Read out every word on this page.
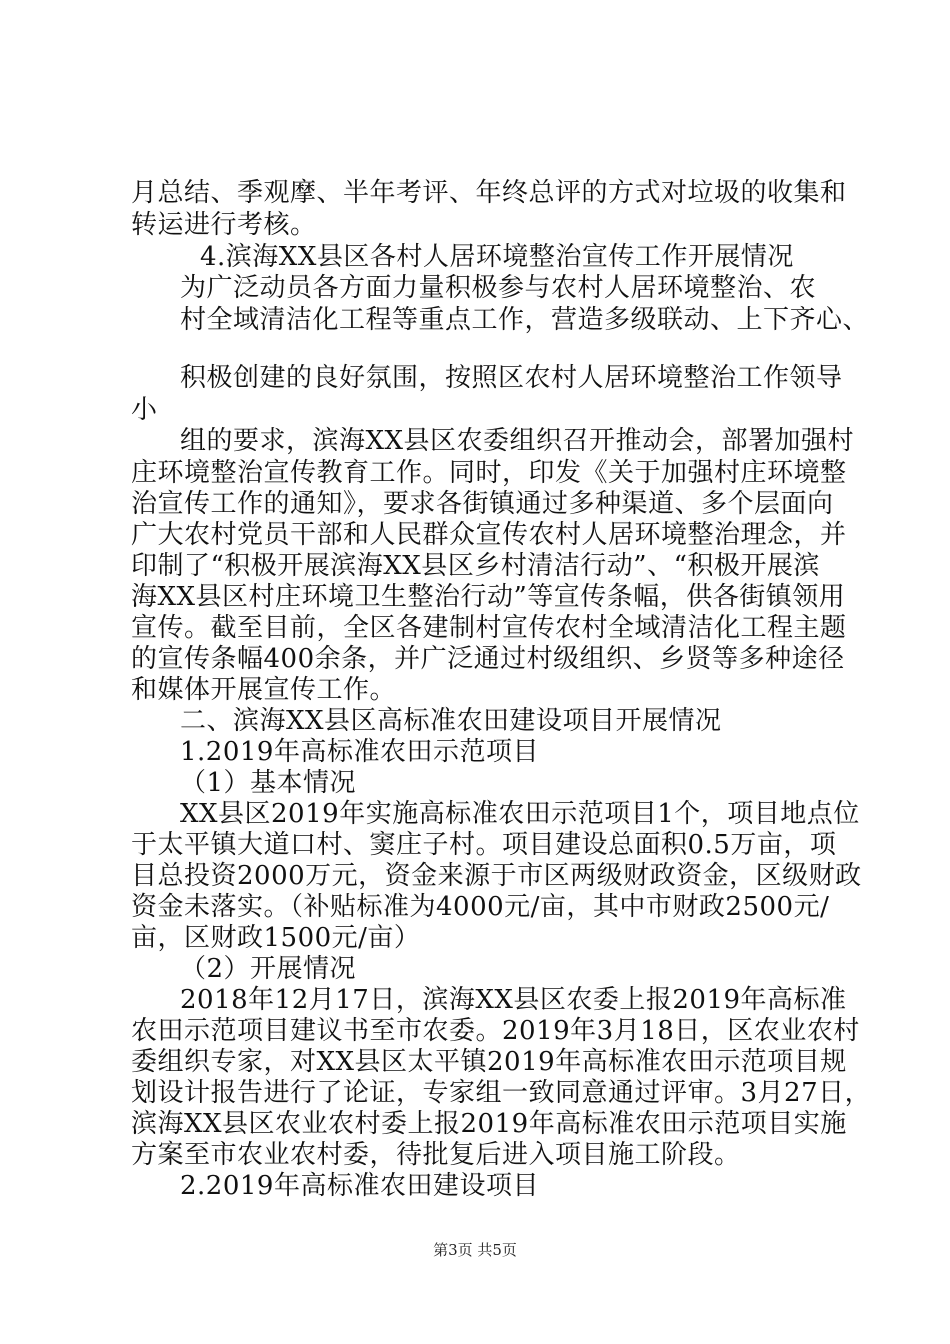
月总结、季观摩、半年考评、年终总评的方式对垃圾的收集和
转运进行考核。
4.滨海XX县区各村人居环境整治宣传工作开展情况
为广泛动员各方面力量积极参与农村人居环境整治、农
村全域清洁化工程等重点工作，营造多级联动、上下齐心、
积极创建的良好氛围，按照区农村人居环境整治工作领导
小
组的要求，滨海XX县区农委组织召开推动会，部署加强村
庄环境整治宣传教育工作。同时，印发《关于加强村庄环境整
治宣传工作的通知》，要求各街镇通过多种渠道、多个层面向
广大农村党员干部和人民群众宣传农村人居环境整治理念，并
印制了“积极开展滨海XX县区乡村清洁行动”、“积极开展滨
海XX县区村庄环境卫生整治行动”等宣传条幅，供各街镇领用
宣传。截至目前，全区各建制村宣传农村全域清洁化工程主题
的宣传条幅400余条，并广泛通过村级组织、乡贤等多种途径
和媒体开展宣传工作。
二、滨海XX县区高标准农田建设项目开展情况
1.2019年高标准农田示范项目
（1）基本情况
XX县区2019年实施高标准农田示范项目1个，项目地点位
于太平镇大道口村、窦庄子村。项目建设总面积0.5万亩，项
目总投资2000万元，资金来源于市区两级财政资金，区级财政
资金未落实。（补贴标准为4000元/亩，其中市财政2500元/
亩，区财政1500元/亩）
（2）开展情况
2018年12月17日，滨海XX县区农委上报2019年高标准
农田示范项目建议书至市农委。2019年3月18日，区农业农村
委组织专家，对XX县区太平镇2019年高标准农田示范项目规
划设计报告进行了论证，专家组一致同意通过评审。3月27日，
滨海XX县区农业农村委上报2019年高标准农田示范项目实施
方案至市农业农村委，待批复后进入项目施工阶段。
2.2019年高标准农田建设项目
第3页 共5页
